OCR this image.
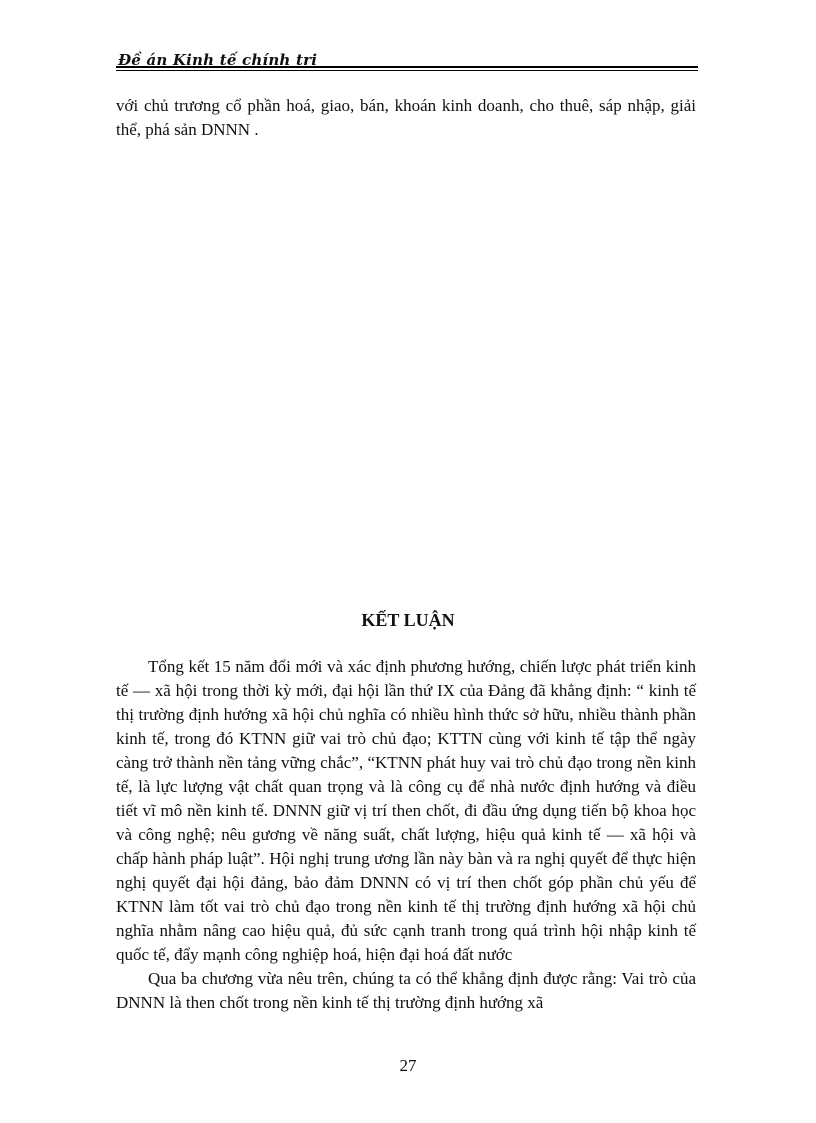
Đề án Kinh tế chính trị

với chủ trương cổ phần hoá, giao, bán, khoán kinh doanh, cho thuê, sáp nhập, giải thể, phá sản DNNN .

KẾT LUẬN

Tổng kết 15 năm đổi mới và xác định phương hướng, chiến lược phát triển kinh tế — xã hội trong thời kỳ mới, đại hội lần thứ IX của Đảng đã khẳng định: “ kinh tế thị trường định hướng xã hội chủ nghĩa có nhiều hình thức sở hữu, nhiều thành phần kinh tế, trong đó KTNN giữ vai trò chủ đạo; KTTN cùng với kinh tế tập thể ngày càng trở thành nền tảng vững chắc”, “KTNN phát huy vai trò chủ đạo trong nền kinh tế, là lực lượng vật chất quan trọng và là công cụ để nhà nước định hướng và điều tiết vĩ mô nền kinh tế. DNNN giữ vị trí then chốt, đi đầu ứng dụng tiến bộ khoa học và công nghệ; nêu gương về năng suất, chất lượng, hiệu quả kinh tế — xã hội và chấp hành pháp luật”. Hội nghị trung ương lần này bàn và ra nghị quyết để thực hiện nghị quyết đại hội đảng, bảo đảm DNNN có vị trí then chốt góp phần chủ yếu để KTNN làm tốt vai trò chủ đạo trong nền kinh tế thị trường định hướng xã hội chủ nghĩa nhằm nâng cao hiệu quả, đủ sức cạnh tranh trong quá trình hội nhập kinh tế quốc tế, đẩy mạnh công nghiệp hoá, hiện đại hoá đất nước

Qua ba chương vừa nêu trên, chúng ta có thể khẳng định được rằng: Vai trò của DNNN là then chốt trong nền kinh tế thị trường định hướng xã

27
